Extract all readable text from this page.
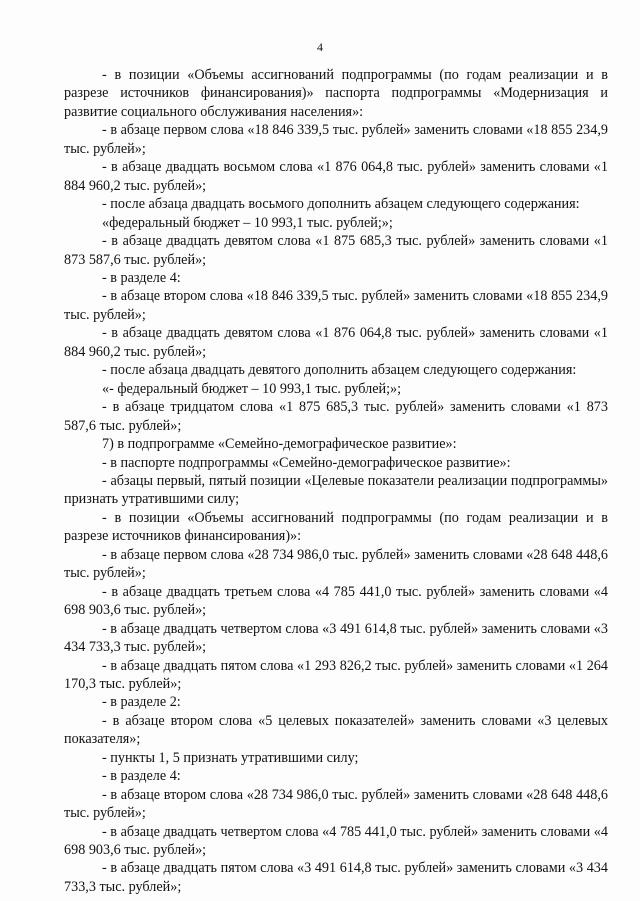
4

- в позиции «Объемы ассигнований подпрограммы (по годам реализации и в разрезе источников финансирования)» паспорта подпрограммы «Модернизация и развитие социального обслуживания населения»:

- в абзаце первом слова «18 846 339,5 тыс. рублей» заменить словами «18 855 234,9 тыс. рублей»;

- в абзаце двадцать восьмом слова «1 876 064,8 тыс. рублей» заменить словами «1 884 960,2 тыс. рублей»;

- после абзаца двадцать восьмого дополнить абзацем следующего содержания:

«федеральный бюджет – 10 993,1 тыс. рублей;»;

- в абзаце двадцать девятом слова «1 875 685,3 тыс. рублей» заменить словами «1 873 587,6 тыс. рублей»;

- в разделе 4:

- в абзаце втором слова «18 846 339,5 тыс. рублей» заменить словами «18 855 234,9 тыс. рублей»;

- в абзаце двадцать девятом слова «1 876 064,8 тыс. рублей» заменить словами «1 884 960,2 тыс. рублей»;

- после абзаца двадцать девятого дополнить абзацем следующего содержания:

«- федеральный бюджет – 10 993,1 тыс. рублей;»;

- в абзаце тридцатом слова «1 875 685,3 тыс. рублей» заменить словами «1 873 587,6 тыс. рублей»;

7) в подпрограмме «Семейно-демографическое развитие»:

- в паспорте подпрограммы «Семейно-демографическое развитие»:

- абзацы первый, пятый позиции «Целевые показатели реализации подпрограммы» признать утратившими силу;

- в позиции «Объемы ассигнований подпрограммы (по годам реализации и в разрезе источников финансирования)»:

- в абзаце первом слова «28 734 986,0 тыс. рублей» заменить словами «28 648 448,6 тыс. рублей»;

- в абзаце двадцать третьем слова «4 785 441,0 тыс. рублей» заменить словами «4 698 903,6 тыс. рублей»;

- в абзаце двадцать четвертом слова «3 491 614,8 тыс. рублей» заменить словами «3 434 733,3 тыс. рублей»;

- в абзаце двадцать пятом слова «1 293 826,2 тыс. рублей» заменить словами «1 264 170,3 тыс. рублей»;

- в разделе 2:

- в абзаце втором слова «5 целевых показателей» заменить словами «3 целевых показателя»;

- пункты 1, 5 признать утратившими силу;

- в разделе 4:

- в абзаце втором слова «28 734 986,0 тыс. рублей» заменить словами «28 648 448,6 тыс. рублей»;

- в абзаце двадцать четвертом слова «4 785 441,0 тыс. рублей» заменить словами «4 698 903,6 тыс. рублей»;

- в абзаце двадцать пятом слова «3 491 614,8 тыс. рублей» заменить словами «3 434 733,3 тыс. рублей»;
